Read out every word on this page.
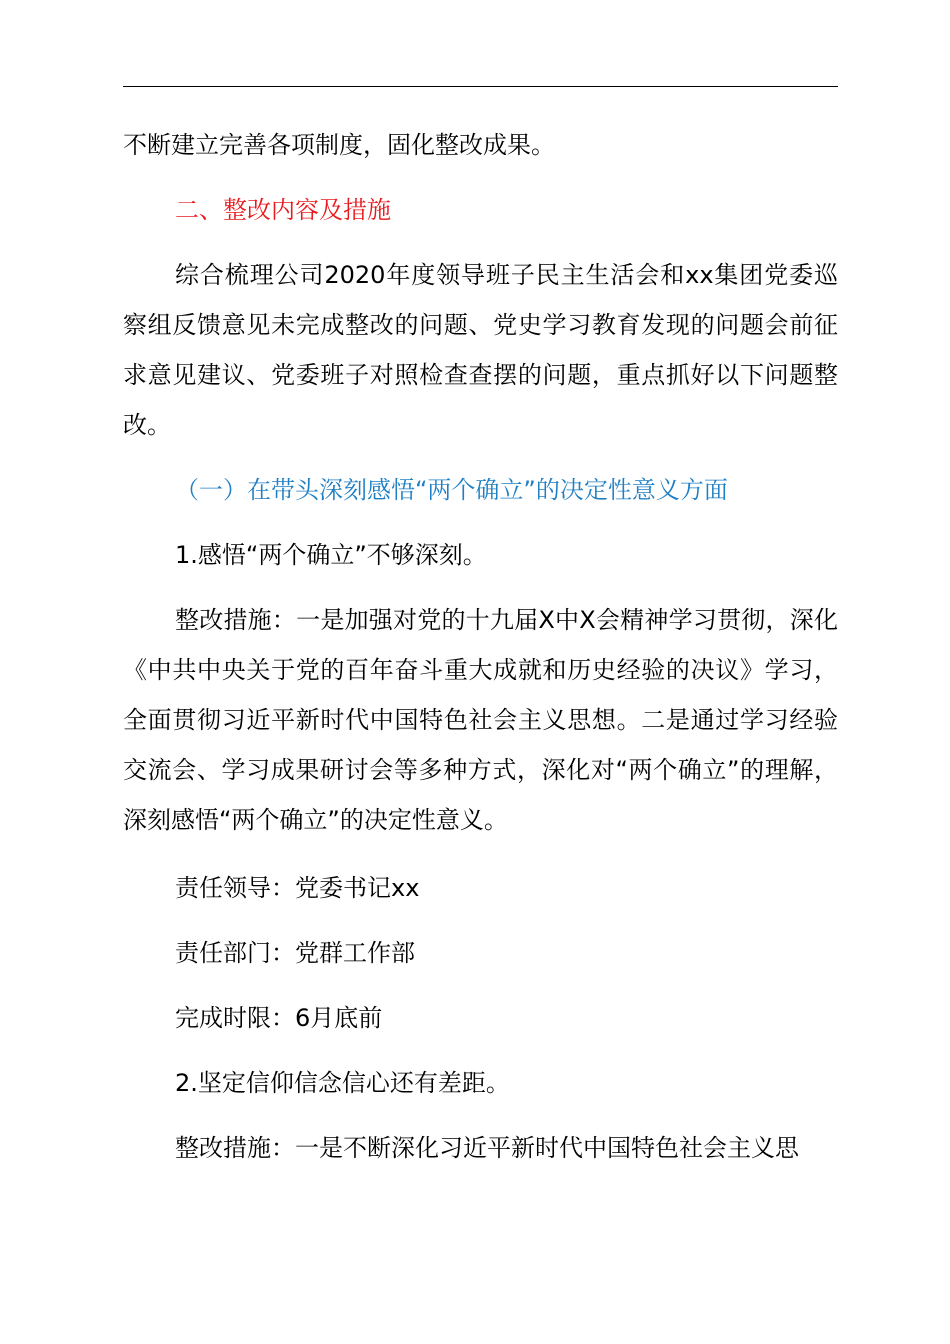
不断建立完善各项制度，固化整改成果。

二、整改内容及措施

综合梳理公司2020年度领导班子民主生活会和xx集团党委巡察组反馈意见未完成整改的问题、党史学习教育发现的问题会前征求意见建议、党委班子对照检查查摆的问题，重点抓好以下问题整改。

（一）在带头深刻感悟“两个确立”的决定性意义方面

1.感悟“两个确立”不够深刻。

整改措施：一是加强对党的十九届X中X会精神学习贯彻，深化《中共中央关于党的百年奋斗重大成就和历史经验的决议》学习，全面贯彻习近平新时代中国特色社会主义思想。二是通过学习经验交流会、学习成果研讨会等多种方式，深化对“两个确立”的理解，深刻感悟“两个确立”的决定性意义。

责任领导：党委书记xx

责任部门：党群工作部

完成时限：6月底前

2.坚定信仰信念信心还有差距。

整改措施：一是不断深化习近平新时代中国特色社会主义思
